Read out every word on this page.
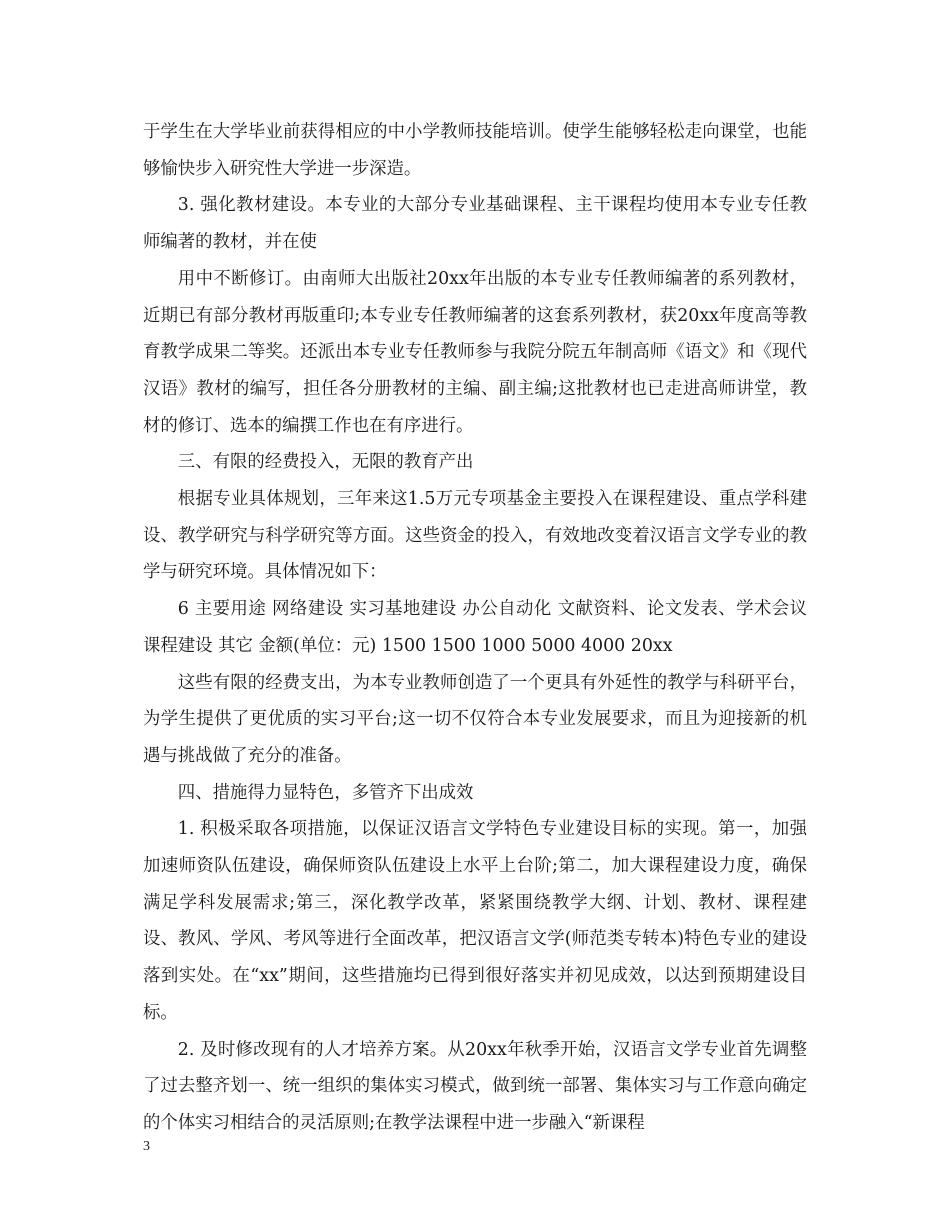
于学生在大学毕业前获得相应的中小学教师技能培训。使学生能够轻松走向课堂，也能够愉快步入研究性大学进一步深造。

3. 强化教材建设。本专业的大部分专业基础课程、主干课程均使用本专业专任教师编著的教材，并在使

用中不断修订。由南师大出版社20xx年出版的本专业专任教师编著的系列教材，近期已有部分教材再版重印;本专业专任教师编著的这套系列教材，获20xx年度高等教育教学成果二等奖。还派出本专业专任教师参与我院分院五年制高师《语文》和《现代汉语》教材的编写，担任各分册教材的主编、副主编;这批教材也已走进高师讲堂，教材的修订、选本的编撰工作也在有序进行。

三、有限的经费投入，无限的教育产出

根据专业具体规划，三年来这1.5万元专项基金主要投入在课程建设、重点学科建设、教学研究与科学研究等方面。这些资金的投入，有效地改变着汉语言文学专业的教学与研究环境。具体情况如下：

6 主要用途 网络建设 实习基地建设 办公自动化 文献资料、论文发表、学术会议 课程建设 其它 金额(单位：元) 1500 1500 1000 5000 4000 20xx

这些有限的经费支出，为本专业教师创造了一个更具有外延性的教学与科研平台，为学生提供了更优质的实习平台;这一切不仅符合本专业发展要求，而且为迎接新的机遇与挑战做了充分的准备。

四、措施得力显特色，多管齐下出成效

1. 积极采取各项措施，以保证汉语言文学特色专业建设目标的实现。第一，加强加速师资队伍建设，确保师资队伍建设上水平上台阶;第二，加大课程建设力度，确保满足学科发展需求;第三，深化教学改革，紧紧围绕教学大纲、计划、教材、课程建设、教风、学风、考风等进行全面改革，把汉语言文学(师范类专转本)特色专业的建设落到实处。在“xx”期间，这些措施均已得到很好落实并初见成效，以达到预期建设目标。

2. 及时修改现有的人才培养方案。从20xx年秋季开始，汉语言文学专业首先调整了过去整齐划一、统一组织的集体实习模式，做到统一部署、集体实习与工作意向确定的个体实习相结合的灵活原则;在教学法课程中进一步融入“新课程

3
